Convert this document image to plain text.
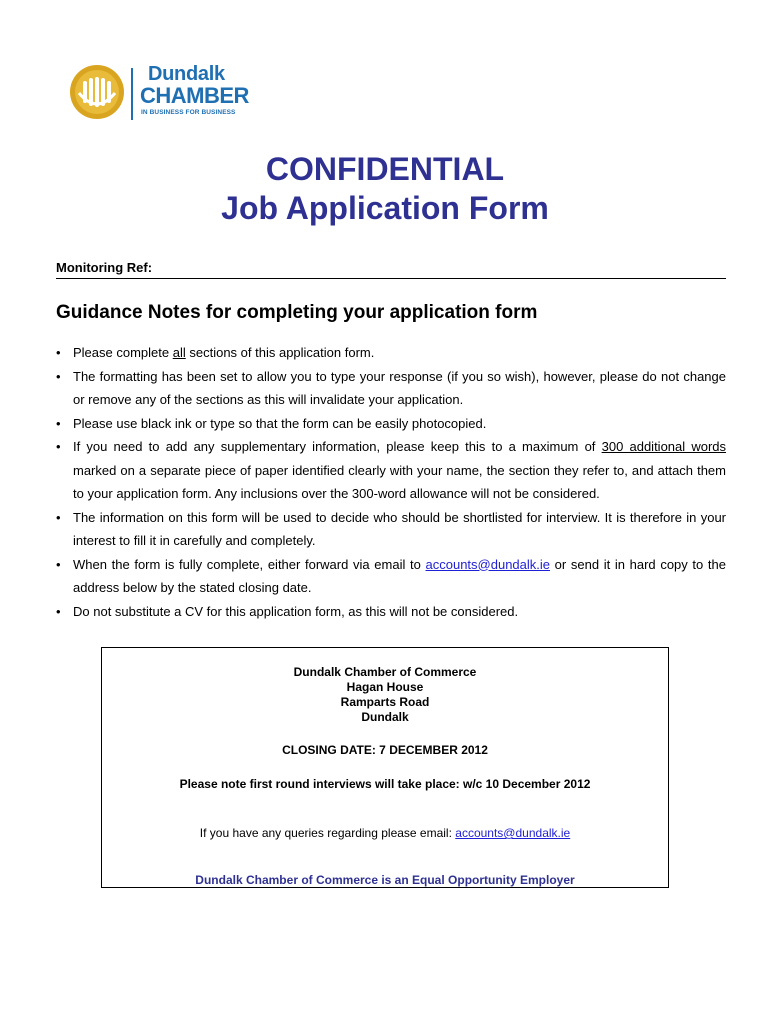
Dundalk
CHAMBER
IN BUSINESS FOR BUSINESS
CONFIDENTIAL
Job Application Form
Monitoring Ref:
Guidance Notes for completing your application form
• Please complete all sections of this application form.
• The formatting has been set to allow you to type your response (if you so wish), however, please do not change or remove any of the sections as this will invalidate your application.
• Please use black ink or type so that the form can be easily photocopied.
• If you need to add any supplementary information, please keep this to a maximum of 300 additional words marked on a separate piece of paper identified clearly with your name, the section they refer to, and attach them to your application form. Any inclusions over the 300-word allowance will not be considered.
• The information on this form will be used to decide who should be shortlisted for interview. It is therefore in your interest to fill it in carefully and completely.
• When the form is fully complete, either forward via email to accounts@dundalk.ie or send it in hard copy to the address below by the stated closing date.
• Do not substitute a CV for this application form, as this will not be considered.
Dundalk Chamber of Commerce
Hagan House
Ramparts Road
Dundalk
CLOSING DATE: 7 DECEMBER 2012
Please note first round interviews will take place: w/c 10 December 2012
If you have any queries regarding please email: accounts@dundalk.ie
Dundalk Chamber of Commerce is an Equal Opportunity Employer
